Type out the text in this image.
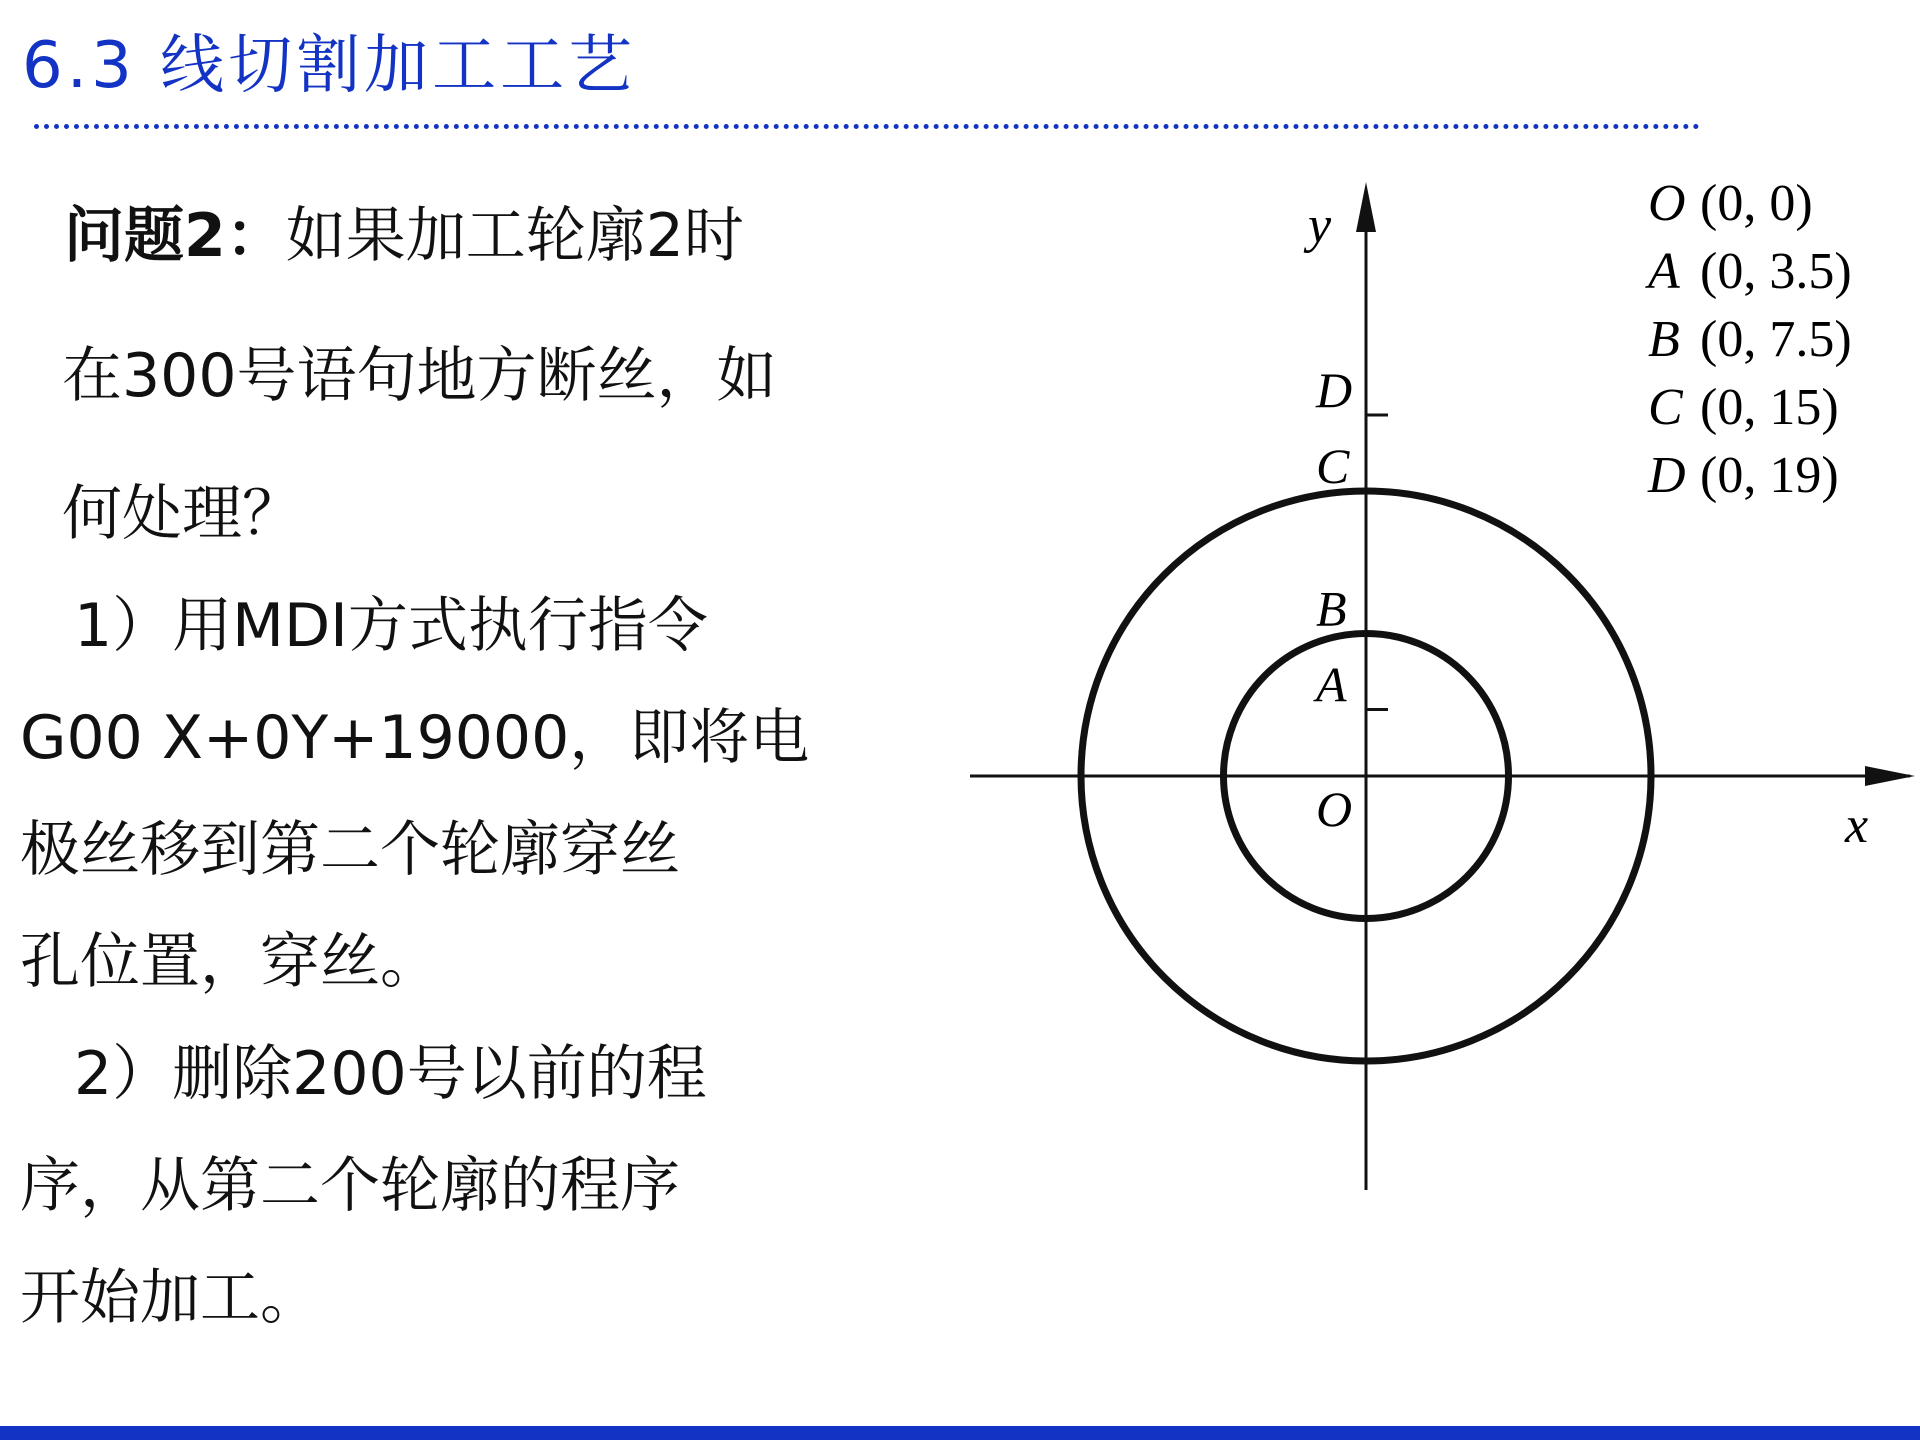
6.3 线切割加工工艺
问题2：如果加工轮廓2时
在300号语句地方断丝，如
何处理？
1）用MDI方式执行指令
G00 X+0Y+19000，即将电
极丝移到第二个轮廓穿丝
孔位置，穿丝。
2）删除200号以前的程
序，从第二个轮廓的程序
开始加工。
x
y
O
A
B
C
D
O (0, 0)
A (0, 3.5)
B (0, 7.5)
C (0, 15)
D (0, 19)
